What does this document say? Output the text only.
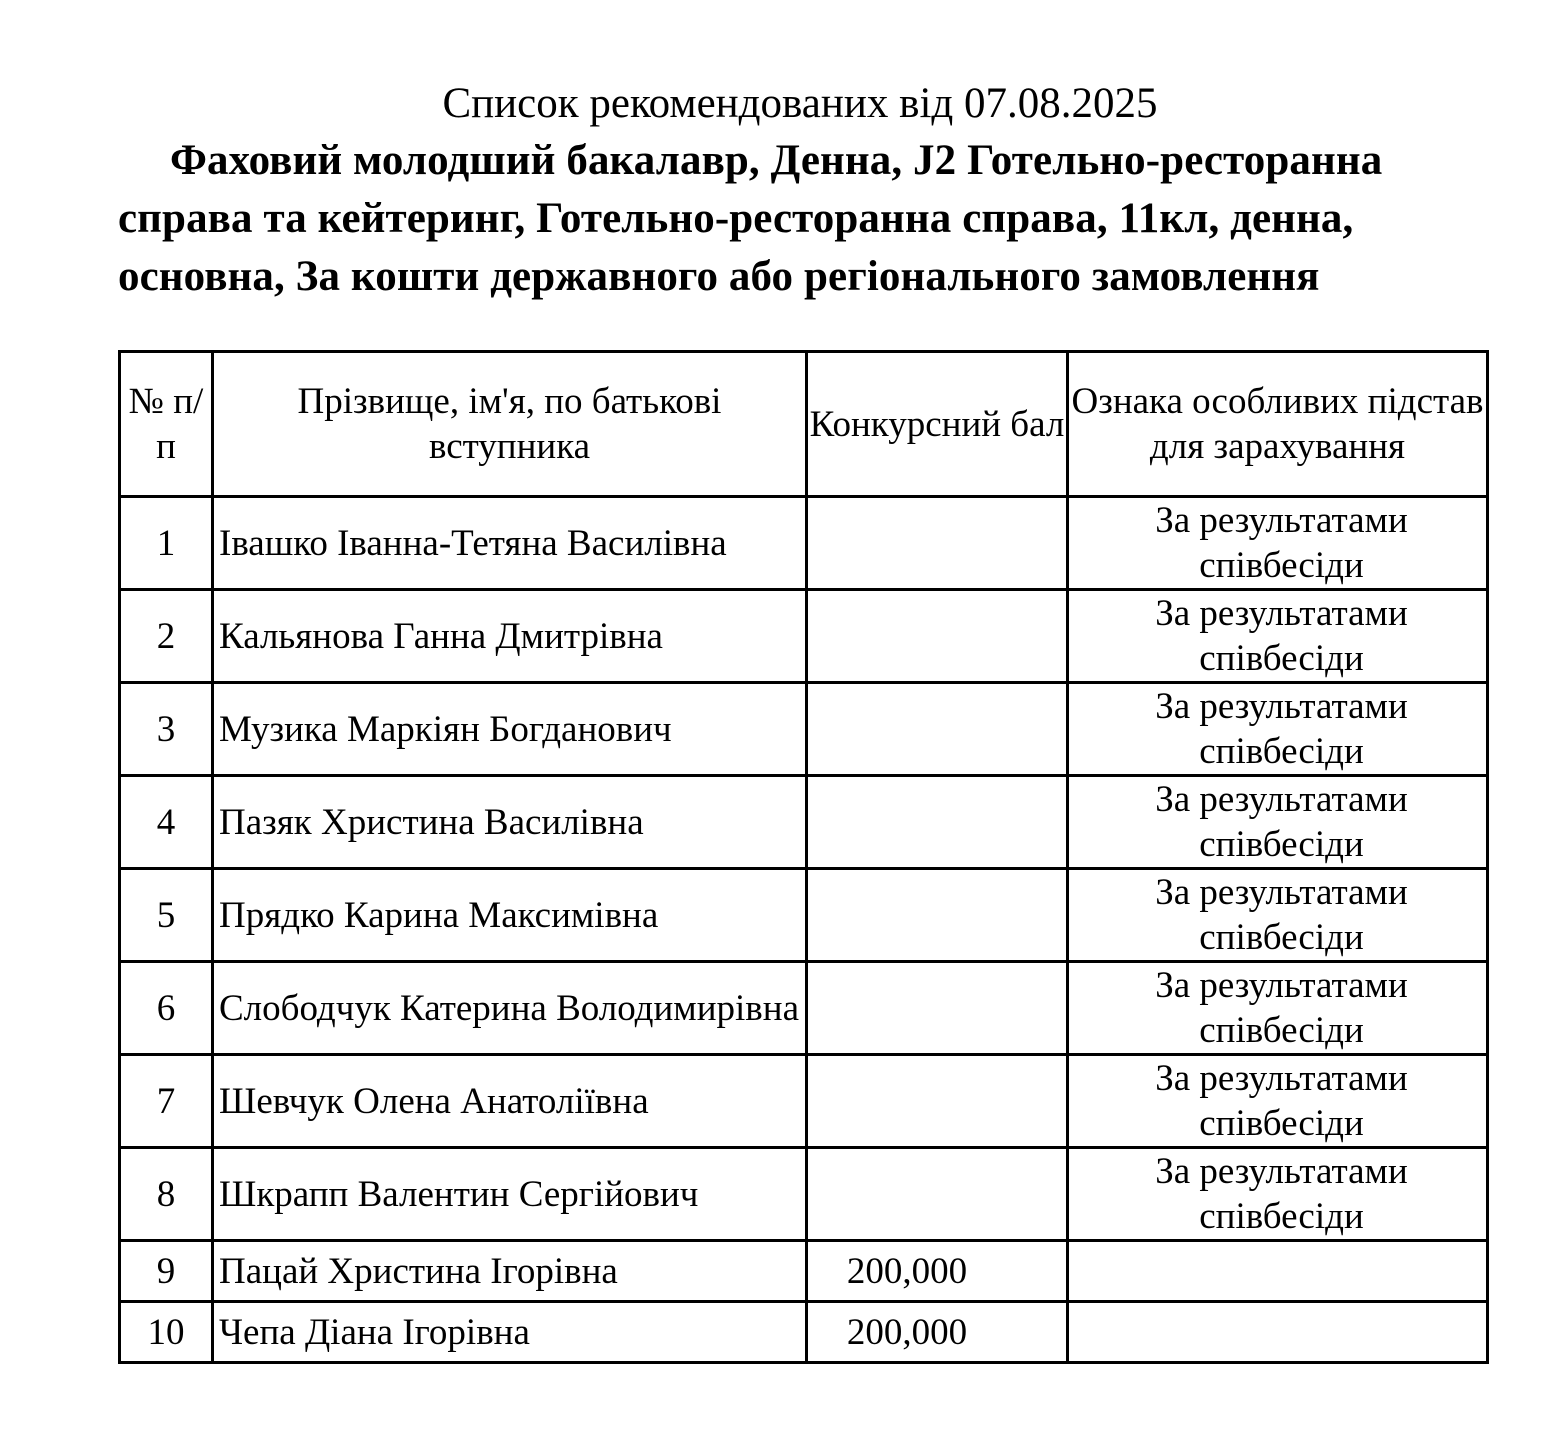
Список рекомендованих від 07.08.2025
Фаховий молодший бакалавр, Денна, J2 Готельно-ресторанна справа та кейтеринг, Готельно-ресторанна справа, 11кл, денна, основна, За кошти державного або регіонального замовлення
№ п/п	Прізвище, ім'я, по батькові вступника	Конкурсний бал	Ознака особливих підстав для зарахування
1	Івашко Іванна-Тетяна Василівна		За результатами співбесіди
2	Кальянова Ганна Дмитрівна		За результатами співбесіди
3	Музика Маркіян Богданович		За результатами співбесіди
4	Пазяк Христина Василівна		За результатами співбесіди
5	Прядко Карина Максимівна		За результатами співбесіди
6	Слободчук Катерина Володимирівна		За результатами співбесіди
7	Шевчук Олена Анатоліївна		За результатами співбесіди
8	Шкрапп Валентин Сергійович		За результатами співбесіди
9	Пацай Христина Ігорівна	200,000	
10	Чепа Діана Ігорівна	200,000	
